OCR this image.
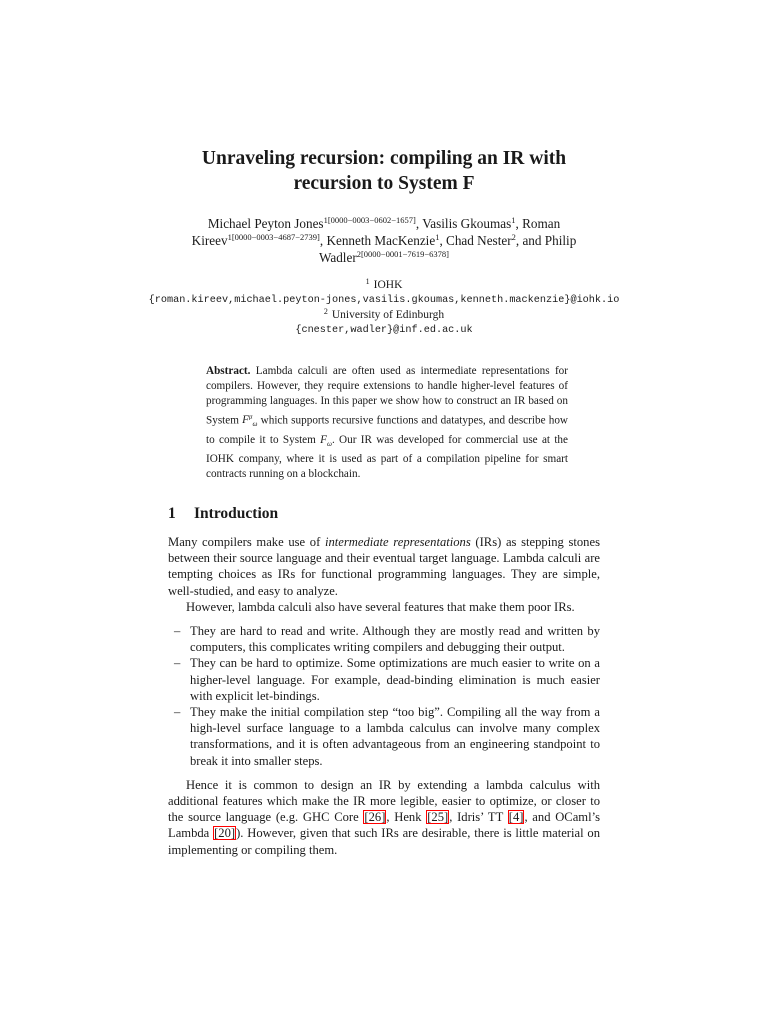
Unraveling recursion: compiling an IR with
recursion to System F
Michael Peyton Jones$^{1[0000-0003-0602-1657]}$, Vasilis Gkoumas$^1$, Roman Kireev$^{1[0000-0003-4687-2739]}$, Kenneth MacKenzie$^1$, Chad Nester$^2$, and Philip Wadler$^{2[0000-0001-7619-6378]}$
$^1$ IOHK
{roman.kireev,michael.peyton-jones,vasilis.gkoumas,kenneth.mackenzie}@iohk.io
$^2$ University of Edinburgh
{cnester,wadler}@inf.ed.ac.uk
Abstract. Lambda calculi are often used as intermediate representations for compilers. However, they require extensions to handle higher-level features of programming languages. In this paper we show how to construct an IR based on System $F^\mu_\omega$ which supports recursive functions and datatypes, and describe how to compile it to System $F_\omega$. Our IR was developed for commercial use at the IOHK company, where it is used as part of a compilation pipeline for smart contracts running on a blockchain.
1 Introduction

Many compilers make use of intermediate representations (IRs) as stepping stones between their source language and their eventual target language. Lambda calculi are tempting choices as IRs for functional programming languages. They are simple, well-studied, and easy to analyze.

However, lambda calculi also have several features that make them poor IRs.

– They are hard to read and write. Although they are mostly read and written by computers, this complicates writing compilers and debugging their output.
– They can be hard to optimize. Some optimizations are much easier to write on a higher-level language. For example, dead-binding elimination is much easier with explicit let-bindings.
– They make the initial compilation step “too big”. Compiling all the way from a high-level surface language to a lambda calculus can involve many complex transformations, and it is often advantageous from an engineering standpoint to break it into smaller steps.

Hence it is common to design an IR by extending a lambda calculus with additional features which make the IR more legible, easier to optimize, or closer to the source language (e.g. GHC Core [26], Henk [25], Idris’ TT [4], and OCaml’s Lambda [20]). However, given that such IRs are desirable, there is little material on implementing or compiling them.
